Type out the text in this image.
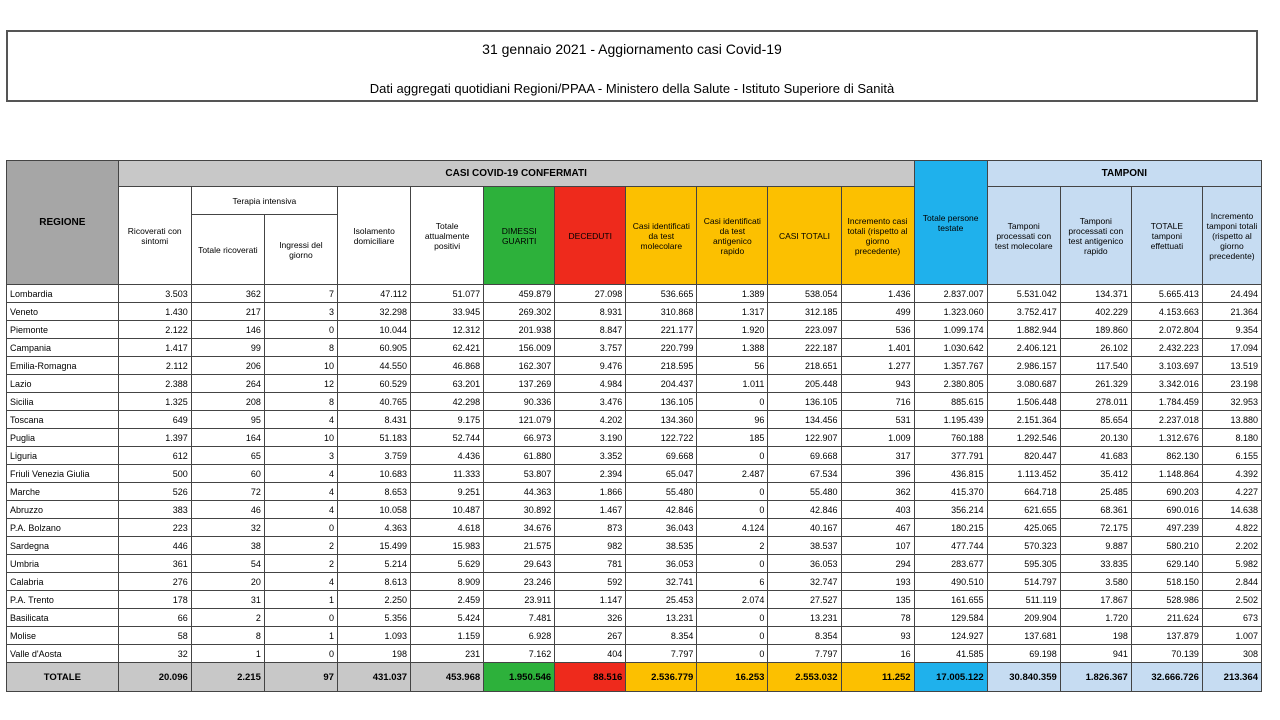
31 gennaio 2021 - Aggiornamento casi Covid-19
Dati aggregati quotidiani Regioni/PPAA - Ministero della Salute - Istituto Superiore di Sanità
REGIONE	CASI COVID-19 CONFERMATI											Totale persone testate	TAMPONI			
	Ricoverati con sintomi	Terapia intensiva		Isolamento domiciliare	Totale attualmente positivi	DIMESSI GUARITI	DECEDUTI	Casi identificati da test molecolare	Casi identificati da test antigenico rapido	CASI TOTALI	Incremento casi totali (rispetto al giorno precedente)		Tamponi processati con test molecolare	Tamponi processati con test antigenico rapido	TOTALE tamponi effettuati	Incremento tamponi totali (rispetto al giorno precedente)
		Totale ricoverati	Ingressi del giorno													
Lombardia	3.503	362	7	47.112	51.077	459.879	27.098	536.665	1.389	538.054	1.436	2.837.007	5.531.042	134.371	5.665.413	24.494
Veneto	1.430	217	3	32.298	33.945	269.302	8.931	310.868	1.317	312.185	499	1.323.060	3.752.417	402.229	4.153.663	21.364
Piemonte	2.122	146	0	10.044	12.312	201.938	8.847	221.177	1.920	223.097	536	1.099.174	1.882.944	189.860	2.072.804	9.354
Campania	1.417	99	8	60.905	62.421	156.009	3.757	220.799	1.388	222.187	1.401	1.030.642	2.406.121	26.102	2.432.223	17.094
Emilia-Romagna	2.112	206	10	44.550	46.868	162.307	9.476	218.595	56	218.651	1.277	1.357.767	2.986.157	117.540	3.103.697	13.519
Lazio	2.388	264	12	60.529	63.201	137.269	4.984	204.437	1.011	205.448	943	2.380.805	3.080.687	261.329	3.342.016	23.198
Sicilia	1.325	208	8	40.765	42.298	90.336	3.476	136.105	0	136.105	716	885.615	1.506.448	278.011	1.784.459	32.953
Toscana	649	95	4	8.431	9.175	121.079	4.202	134.360	96	134.456	531	1.195.439	2.151.364	85.654	2.237.018	13.880
Puglia	1.397	164	10	51.183	52.744	66.973	3.190	122.722	185	122.907	1.009	760.188	1.292.546	20.130	1.312.676	8.180
Liguria	612	65	3	3.759	4.436	61.880	3.352	69.668	0	69.668	317	377.791	820.447	41.683	862.130	6.155
Friuli Venezia Giulia	500	60	4	10.683	11.333	53.807	2.394	65.047	2.487	67.534	396	436.815	1.113.452	35.412	1.148.864	4.392
Marche	526	72	4	8.653	9.251	44.363	1.866	55.480	0	55.480	362	415.370	664.718	25.485	690.203	4.227
Abruzzo	383	46	4	10.058	10.487	30.892	1.467	42.846	0	42.846	403	356.214	621.655	68.361	690.016	14.638
P.A. Bolzano	223	32	0	4.363	4.618	34.676	873	36.043	4.124	40.167	467	180.215	425.065	72.175	497.239	4.822
Sardegna	446	38	2	15.499	15.983	21.575	982	38.535	2	38.537	107	477.744	570.323	9.887	580.210	2.202
Umbria	361	54	2	5.214	5.629	29.643	781	36.053	0	36.053	294	283.677	595.305	33.835	629.140	5.982
Calabria	276	20	4	8.613	8.909	23.246	592	32.741	6	32.747	193	490.510	514.797	3.580	518.150	2.844
P.A. Trento	178	31	1	2.250	2.459	23.911	1.147	25.453	2.074	27.527	135	161.655	511.119	17.867	528.986	2.502
Basilicata	66	2	0	5.356	5.424	7.481	326	13.231	0	13.231	78	129.584	209.904	1.720	211.624	673
Molise	58	8	1	1.093	1.159	6.928	267	8.354	0	8.354	93	124.927	137.681	198	137.879	1.007
Valle d'Aosta	32	1	0	198	231	7.162	404	7.797	0	7.797	16	41.585	69.198	941	70.139	308
TOTALE	20.096	2.215	97	431.037	453.968	1.950.546	88.516	2.536.779	16.253	2.553.032	11.252	17.005.122	30.840.359	1.826.367	32.666.726	213.364
